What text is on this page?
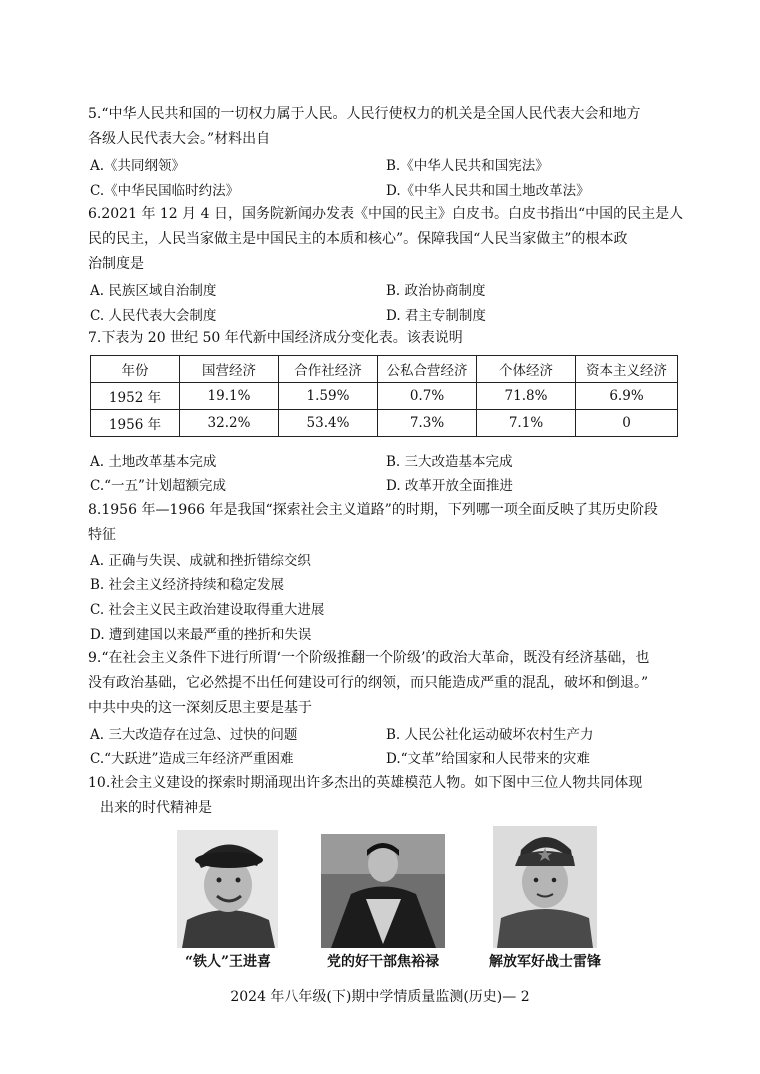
5.“中华人民共和国的一切权力属于人民。人民行使权力的机关是全国人民代表大会和地方

各级人民代表大会。”材料出自

A.《共同纲领》	B.《中华人民共和国宪法》
C.《中华民国临时约法》	D.《中华人民共和国土地改革法》

6.2021 年 12 月 4 日，国务院新闻办发表《中国的民主》白皮书。白皮书指出“中国的民主是人

民的民主，人民当家做主是中国民主的本质和核心”。保障我国“人民当家做主”的根本政

治制度是

A. 民族区域自治制度	B. 政治协商制度
C. 人民代表大会制度	D. 君主专制制度

7.下表为 20 世纪 50 年代新中国经济成分变化表。该表说明

年份	国营经济	合作社经济	公私合营经济	个体经济	资本主义经济
1952 年	19.1%	1.59%	0.7%	71.8%	6.9%
1956 年	32.2%	53.4%	7.3%	7.1%	0
A. 土地改革基本完成	B. 三大改造基本完成
C.“一五”计划超额完成	D. 改革开放全面推进

8.1956 年—1966 年是我国“探索社会主义道路”的时期，下列哪一项全面反映了其历史阶段

特征

A. 正确与失误、成就和挫折错综交织
B. 社会主义经济持续和稳定发展
C. 社会主义民主政治建设取得重大进展
D. 遭到建国以来最严重的挫折和失误

9.“在社会主义条件下进行所谓‘一个阶级推翻一个阶级’的政治大革命，既没有经济基础，也

没有政治基础，它必然提不出任何建设可行的纲领，而只能造成严重的混乱，破坏和倒退。”

中共中央的这一深刻反思主要是基于

A. 三大改造存在过急、过快的问题	B. 人民公社化运动破坏农村生产力
C.“大跃进”造成三年经济严重困难	D.“文革”给国家和人民带来的灾难

10.社会主义建设的探索时期涌现出许多杰出的英雄模范人物。如下图中三位人物共同体现

出来的时代精神是

“铁人”王进喜	党的好干部焦裕禄	解放军好战士雷锋
2024 年八年级(下)期中学情质量监测(历史)— 2
